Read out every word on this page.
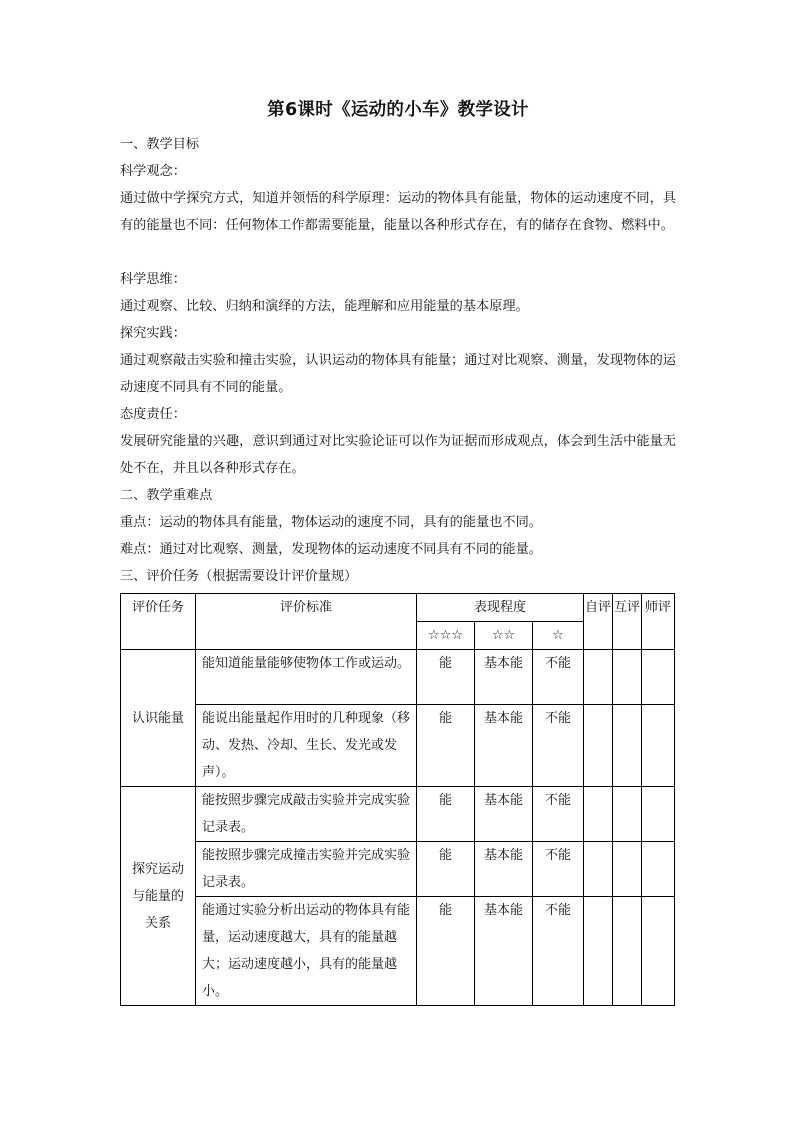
第6课时《运动的小车》教学设计
一、教学目标
科学观念：
通过做中学探究方式，知道并领悟的科学原理：运动的物体具有能量，物体的运动速度不同，具有的能量也不同：任何物体工作都需要能量，能量以各种形式存在，有的储存在食物、燃料中。
科学思维：
通过观察、比较、归纳和演绎的方法，能理解和应用能量的基本原理。
探究实践：
通过观察敲击实验和撞击实验，认识运动的物体具有能量；通过对比观察、测量，发现物体的运动速度不同具有不同的能量。
态度责任：
发展研究能量的兴趣，意识到通过对比实验论证可以作为证据而形成观点，体会到生活中能量无处不在，并且以各种形式存在。
二、教学重难点
重点：运动的物体具有能量，物体运动的速度不同，具有的能量也不同。
难点：通过对比观察、测量，发现物体的运动速度不同具有不同的能量。
三、评价任务（根据需要设计评价量规）
评价任务	评价标准	表现程度			自评	互评	师评
		☆☆☆	☆☆	☆			
认识能量	能知道能量能够使物体工作或运动。	能	基本能	不能			
	能说出能量起作用时的几种现象（移动、发热、冷却、生长、发光或发声）。	能	基本能	不能			
探究运动与能量的关系	能按照步骤完成敲击实验并完成实验记录表。	能	基本能	不能			
	能按照步骤完成撞击实验并完成实验记录表。	能	基本能	不能			
	能通过实验分析出运动的物体具有能量，运动速度越大，具有的能量越大；运动速度越小，具有的能量越小。	能	基本能	不能			
